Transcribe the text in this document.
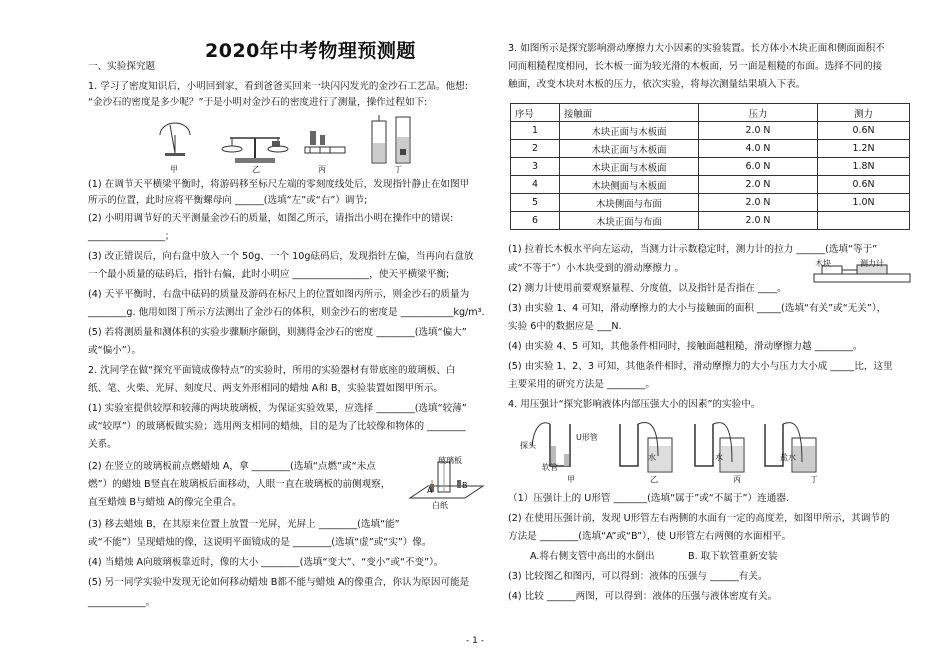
2020年中考物理预测题
一、实验探究题
1. 学习了密度知识后，小明回到家，看到爸爸买回来一块闪闪发光的金沙石工艺品。他想:
“金沙石的密度是多少呢？”于是小明对金沙石的密度进行了测量，操作过程如下:
甲	乙	丙	丁
(1) 在调节天平横梁平衡时，将游码移至标尺左端的零刻度线处后，发现指针静止在如图甲
所示的位置，此时应将平衡螺母向 ______(选填“左”或“右”）调节;
(2) 小明用调节好的天平测量金沙石的质量，如图乙所示，请指出小明在操作中的错误:
________________；
(3) 改正错误后，向右盘中放入一个 50g、一个 10g砝码后，发现指针左偏，当再向右盘放
一个最小质量的砝码后，指针右偏，此时小明应 ________________，使天平横梁平衡;
(4) 天平平衡时，右盘中砝码的质量及游码在标尺上的位置如图丙所示，则金沙石的质量为
________g. 他用如图丁所示方法测出了金沙石的体积，则金沙石的密度是 ___________kg/m³.
(5) 若将测质量和测体积的实验步骤顺序颠倒，则测得金沙石的密度 ________(选填“偏大”
或“偏小”）。
2. 沈同学在做“探究平面镜成像特点”的实验时，所用的实验器材有带底座的玻璃板、白
纸、笔、火柴、光屏、刻度尺、两支外形相同的蜡烛 A和 B，实验装置如图甲所示。
(1) 实验室提供较厚和较薄的两块玻璃板，为保证实验效果，应选择 ________(选填“较薄”
或“较厚”）的玻璃板做实验；选用两支相同的蜡烛，目的是为了比较像和物体的 ________
关系。
(2) 在竖立的玻璃板前点燃蜡烛 A，拿 ________(选填“点燃”或“未点
燃”）的蜡烛 B竖直在玻璃板后面移动，人眼一直在玻璃板的前侧观察，
直至蜡烛 B与蜡烛 A的像完全重合。
玻璃板
A
B
白纸
(3) 移去蜡烛 B，在其原来位置上放置一光屏，光屏上 ________(选填“能”
或“不能”）呈现蜡烛的像，这说明平面镜成的是 ________(选填“虚”或“实”）像。
(4) 当蜡烛 A向玻璃板靠近时，像的大小 ________(选填“变大”、“变小”或“不变”）。
(5) 另一同学实验中发现无论如何移动蜡烛 B都不能与蜡烛 A的像重合，你认为原因可能是
____________。
3. 如图所示是探究影响滑动摩擦力大小因素的实验装置。长方体小木块正面和侧面面积不
同而粗糙程度相同，长木板一面为较光滑的木板面，另一面是粗糙的布面。选择不同的接
触面，改变木块对木板的压力，依次实验，将每次测量结果填入下表。
序号	接触面	压力	测力
1	木块正面与木板面	2.0 N	0.6N
2	木块正面与木板面	4.0 N	1.2N
3	木块正面与木板面	6.0 N	1.8N
4	木块侧面与木板面	2.0 N	0.6N
5	木块侧面与布面	2.0 N	1.0N
6	木块正面与布面	2.0 N	
(1) 拉着长木板水平向左运动，当测力计示数稳定时，测力计的拉力 ______(选填“等于”
或“不等于”）小木块受到的滑动摩擦力 。	木块	测力计
(2) 测力计使用前要观察量程、分度值，以及指针是否指在 ____。
(3) 由实验 1、4 可知，滑动摩擦力的大小与接触面的面积 _____(选填“有关”或“无关”），
实验 6中的数据应是 ___N.
(4) 由实验 4、5 可知，其他条件相同时，接触面越粗糙，滑动摩擦力越 ________。
(5) 由实验 1、2、3 可知，其他条件相时，滑动摩擦力的大小与压力大小成 _____比，这里
主要采用的研究方法是 ________。
4. 用压强计“探究影响液体内部压强大小的因素”的实验中。
探头
软管
U形管
甲
水
乙
水
丙
盐水
丁
（1）压强计上的 U形管 _______(选填“属于”或“不属于”）连通器.
(2) 在使用压强计前，发现 U形管左右两侧的水面有一定的高度差，如图甲所示，其调节的
方法是 ________(选填“A”或“B”），使 U形管左右两侧的水面相平。
A.将右侧支管中高出的水倒出	B. 取下软管重新安装
(3) 比较图乙和图丙，可以得到：液体的压强与 ______有关。
(4) 比较 ______两图，可以得到：液体的压强与液体密度有关。
- 1 -
